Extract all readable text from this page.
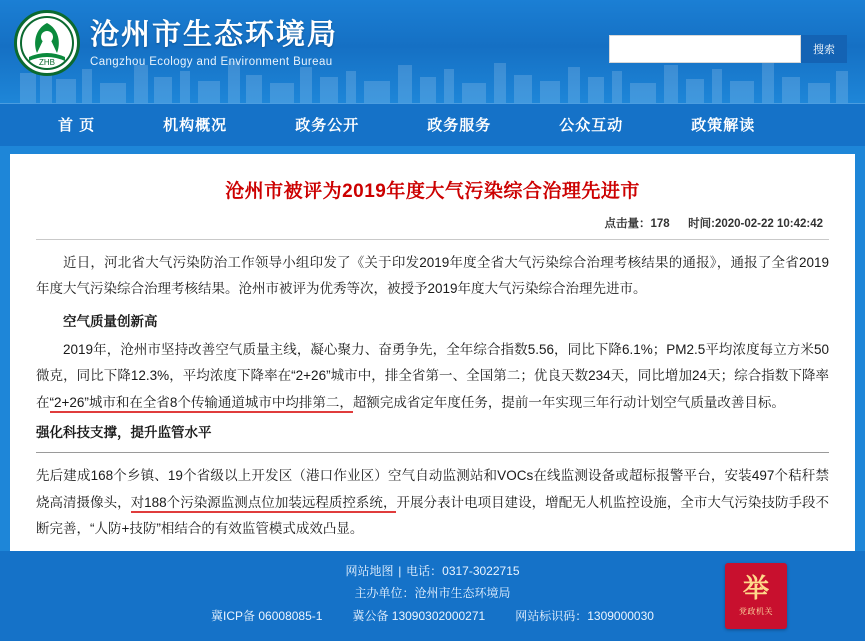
ZHB
沧州市生态环境局
Cangzhou Ecology and Environment Bureau
搜索
首 页	机构概况	政务公开	政务服务	公众互动	政策解读
沧州市被评为2019年度大气污染综合治理先进市
点击量：178 时间:2020-02-22 10:42:42

近日，河北省大气污染防治工作领导小组印发了《关于印发2019年度全省大气污染综合治理考核结果的通报》，通报了全省2019年度大气污染综合治理考核结果。沧州市被评为优秀等次，被授予2019年度大气污染综合治理先进市。

空气质量创新高

2019年，沧州市坚持改善空气质量主线，凝心聚力、奋勇争先，全年综合指数5.56，同比下降6.1%；PM2.5平均浓度每立方米50微克，同比下降12.3%，平均浓度下降率在“2+26”城市中，排全省第一、全国第二；优良天数234天，同比增加24天；综合指数下降率在“2+26”城市和在全省8个传输通道城市中均排第二，超额完成省定年度任务，提前一年实现三年行动计划空气质量改善目标。

强化科技支撑，提升监管水平

先后建成168个乡镇、19个省级以上开发区（港口作业区）空气自动监测站和VOCs在线监测设备或超标报警平台，安装497个秸秆禁烧高清摄像头，对188个污染源监测点位加装远程质控系统，开展分表计电项目建设，增配无人机监控设施，全市大气污染技防手段不断完善，“人防+技防”相结合的有效监管模式成效凸显。

网站地图 | 电话：0317-3022715
主办单位：沧州市生态环境局
冀ICP备 06008085-1	冀公备 13090302000271	网站标识码：1309000030
举
党政机关
